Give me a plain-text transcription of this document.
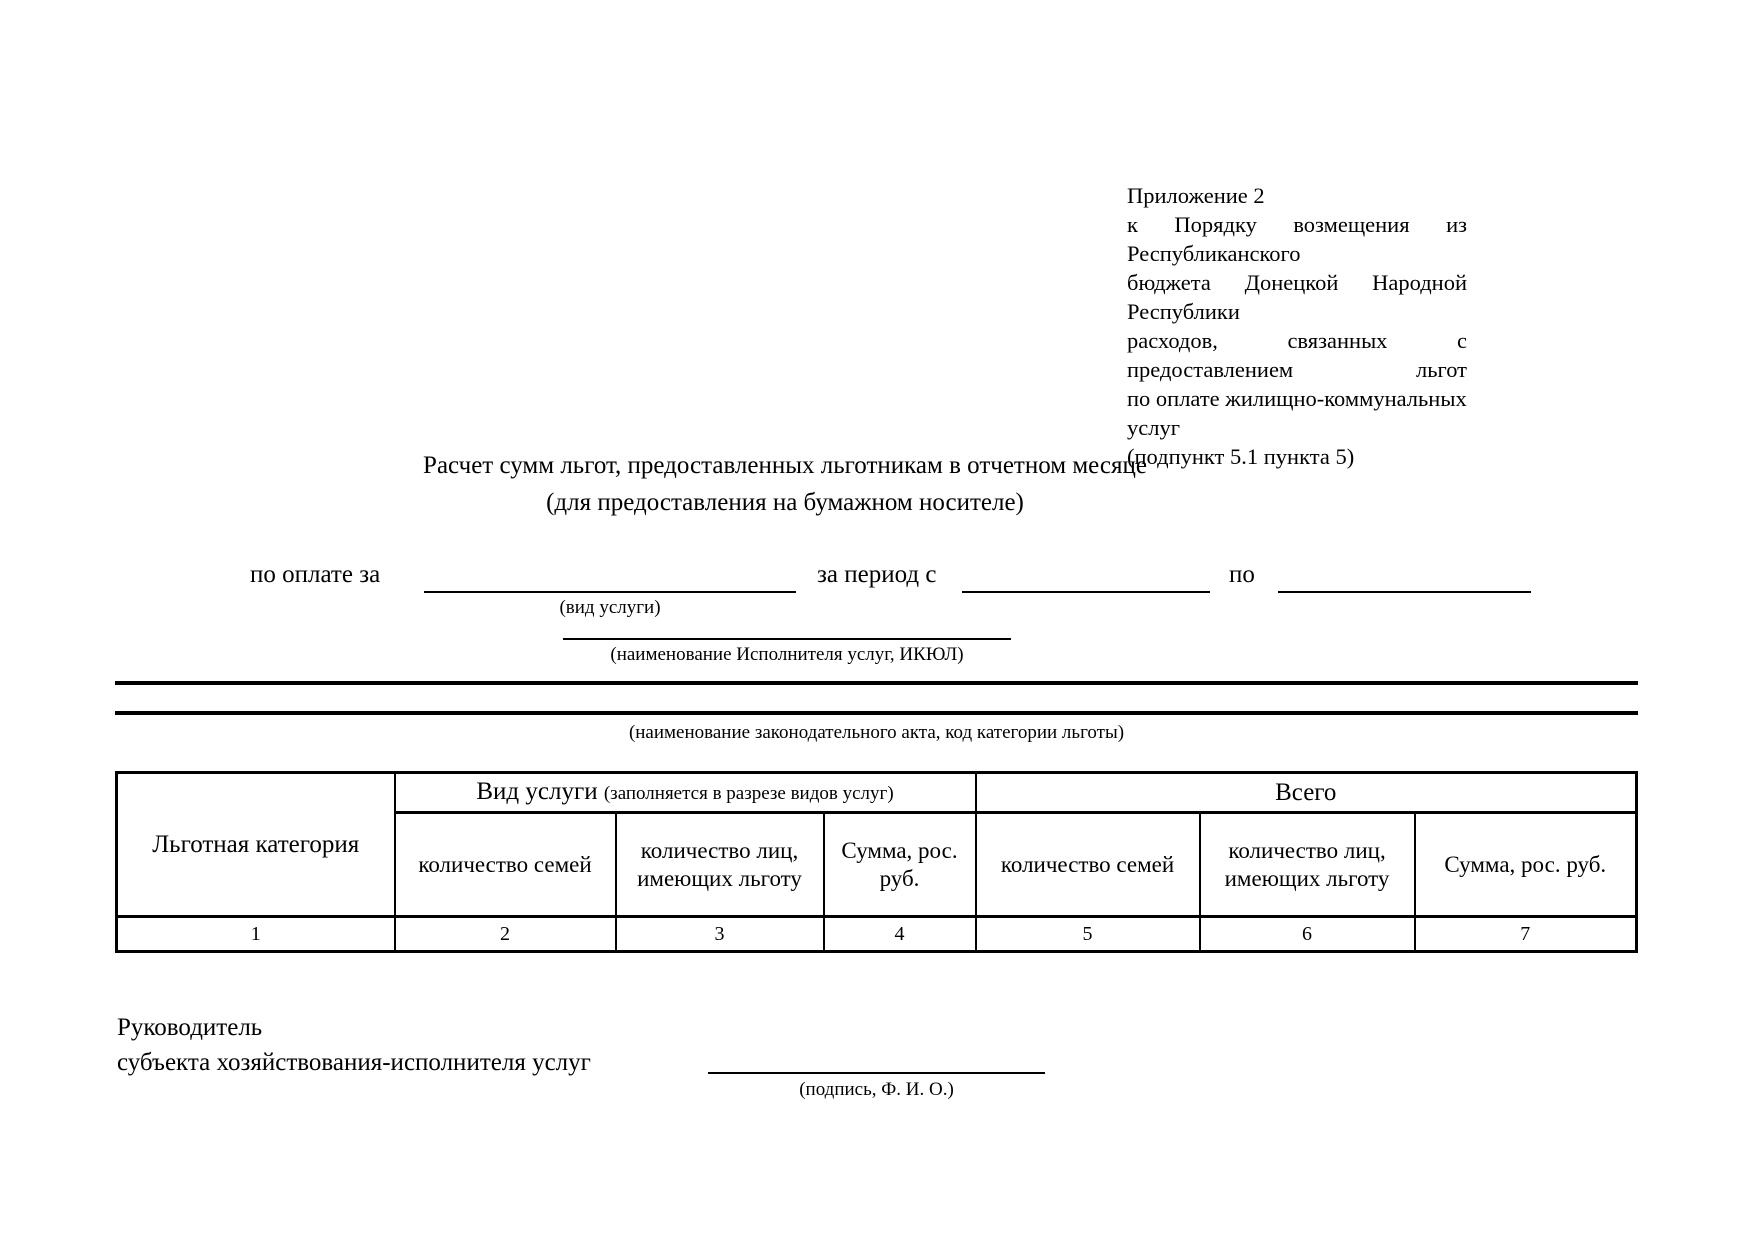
Приложение 2
к Порядку возмещения из Республиканского
бюджета Донецкой Народной Республики
расходов, связанных с предоставлением льгот
по оплате жилищно-коммунальных услуг
(подпункт 5.1 пункта 5)
Расчет сумм льгот, предоставленных льготникам в отчетном месяце
(для предоставления на бумажном носителе)
по оплате за
(вид услуги)
за период с	по
(наименование Исполнителя услуг, ИКЮЛ)
(наименование законодательного акта, код категории льготы)
Льготная категория	Вид услуги (заполняется в разрезе видов услуг)			Всего		
	количество семей	количество лиц, имеющих льготу	Сумма, рос. руб.	количество семей	количество лиц, имеющих льготу	Сумма, рос. руб.
1	2	3	4	5	6	7
Руководитель
субъекта хозяйствования-исполнителя услуг
(подпись, Ф. И. О.)
